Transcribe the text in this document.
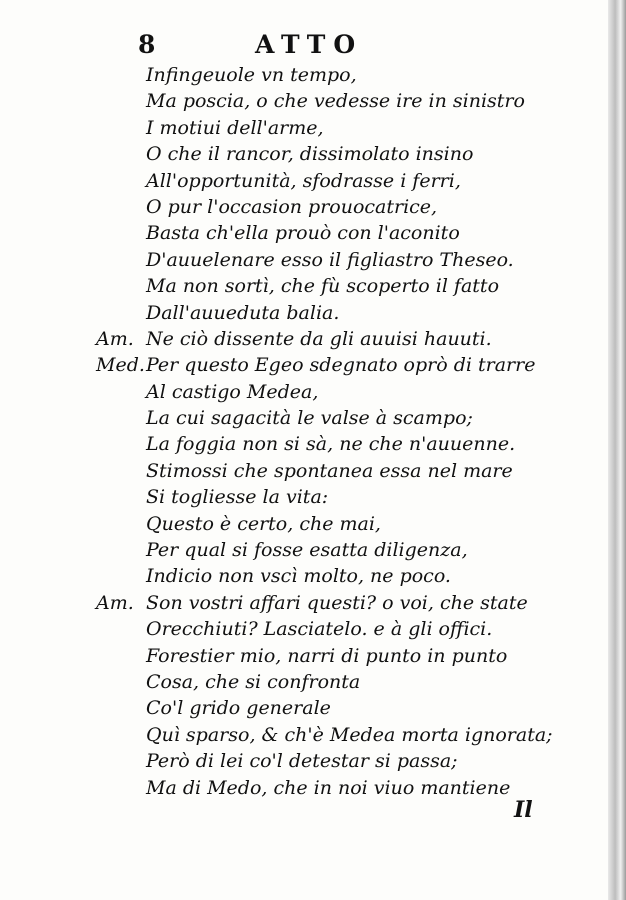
8	ATTO
Infingeuole vn tempo,
Ma poscia, o che vedesse ire in sinistro
I motiui dell'arme,
O che il rancor, dissimolato insino
All'opportunità, sfodrasse i ferri,
O pur l'occasion prouocatrice,
Basta ch'ella prouò con l'aconito
D'auuelenare esso il figliastro Theseo.
Ma non sortì, che fù scoperto il fatto
Dall'auueduta balia.
Am. Ne ciò dissente da gli auuisi hauuti.
Med. Per questo Egeo sdegnato oprò di trarre
Al castigo Medea,
La cui sagacità le valse à scampo;
La foggia non si sà, ne che n'auuenne.
Stimossi che spontanea essa nel mare
Si togliesse la vita:
Questo è certo, che mai,
Per qual si fosse esatta diligenza,
Indicio non vscì molto, ne poco.
Am. Son vostri affari questi? o voi, che state
Orecchiuti? Lasciatelo. e à gli offici.
Forestier mio, narri di punto in punto
Cosa, che si confronta
Co'l grido generale
Quì sparso, & ch'è Medea morta ignorata;
Però di lei co'l detestar si passa;
Ma di Medo, che in noi viuo mantiene
Il
